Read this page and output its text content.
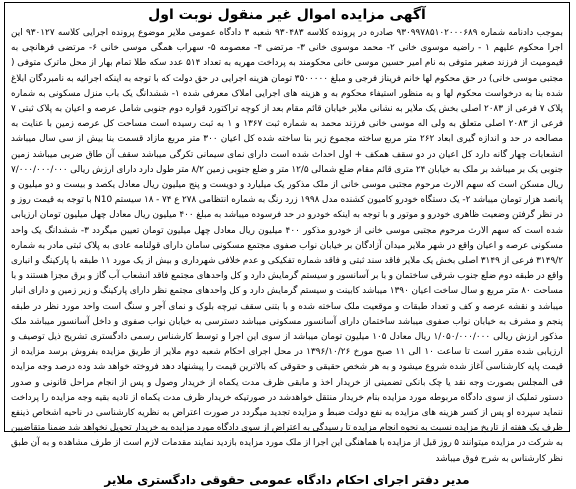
آگهی مزایده اموال غیر منقول نوبت اول

بموجب دادنامه شماره ۹۳۰۹۹۷۸۵۱۰۲۰۰۰۶۸۹ صادره در پرونده کلاسه ۹۳۰۴۸۳ شعبه ۳ دادگاه عمومی ملایر موضوع پرونده اجرایی کلاسه ۹۳۰۱۲۷ این اجرا محکوم علیهم ۱ - راضیه موسوی خانی ۲- محمد موسوی خانی ۳- مرتضی ۴- معصومه ۵- سهراب همگی موسی خانی ۶- مرتضی فرهانچی به قیمومیت از فرزند صغیر متوفی به نام امیر حسین موسی خانی محکومند به پرداخت مهریه به تعداد ۵۱۴ عدد سکه طلا تمام بهار از محل ماترک متوفی ( مجتبی موسی خانی) در حق محکوم لها خانم فریناز فرجی و مبلغ ۳۵۰۰۰۰۰ تومان هزینه اجرایی در حق دولت که با توجه به اینکه اجرائیه به نامبردگان ابلاغ شده بنا به درخواست محکوم لها و به منظور استیفاء محکوم به و هزینه های اجرایی املاک معرفی شده ۱- ششدانگ یک باب منزل مسکونی به شماره پلاک ۷ فرعی از ۲۰۸۳ اصلی بخش یک ملایر به نشانی ملایر خیابان قائم مقام بعد از کوچه تراکتورد قواره دوم جنوبی شامل عرصه و اعیان به پلاک ثبتی ۷ فرعی از ۲۰۸۳ اصلی متعلق به ولی اله موسی خانی فرزند محمد به شماره ثبت ۱۳۶۷ و ۱ به ثبت رسیده است مساحت کل عرصه زمین با عنایت به مصالحه در حد و اندازه گیری ابعاد ۲۶۲ متر مربع ساخته مجموع زیر بنا ساخته شده کل اعیان ۳۰۰ متر مربع مازاد قسمت بنا بیش از سی سال میباشد انشعابات چهار گانه دارد کل اعیان در دو سقف همکف + اول احداث شده است دارای نمای سیمانی تکرگی میباشد سقف آن طاق ضربی میباشد زمین جنوبی یک بر میباشد بر ملک به خیابان ۲۴ متری قائم مقام ضلع شمالی ۱۲/۵ متر و ضلع جنوبی زمین ۸/۲ متر طول دارد دارای ارزش ریالی ۷/۰۰۰/۰۰۰/۰۰۰ ریال مسکن است که سهم الارث مرحوم مجتبی موسی خانی از ملک مذکور یک میلیارد و دویست و پنج میلیون ریال معادل یکصد و بیست و دو میلیون و پانصد هزار تومان میباشد ۲- یک دستگاه خودرو کامیون کشنده مدل ۱۹۹۸ زرد رنگ به شماره انتظامی ۲۷۸ ع ۷۴ - ۱۸ سیستم N10 با توجه به قیمت روز و در نظر گرفتن وضعیت ظاهری خودرو و موتور و با توجه به اینکه خودرو در حد فرسوده میباشد به مبلغ ۴۰۰ میلیون ریال معادل چهل میلیون تومان ارزیابی شده است که سهم الارث مرحوم مجتبی موسی خانی از خودرو مذکور ۴۰۰ میلیون ریال معادل چهل میلیون تومان تعیین میگردد ۳- ششدانگ یک واحد مسکونی عرصه و اعیان واقع در شهر ملایر میدان آزادگان بر خیابان نواب صفوی مجتمع مسکونی سامان دارای قولنامه عادی به پلاک ثبتی مادر به شماره ۳۱۴۹/۲ فرعی از ۳۱۴۹ اصلی بخش یک ملایر فاقد سند ثبتی و فاقد شماره تفکیکی و عدم خلافی شهرداری و بیش از یک مورد ۱۱ طبقه با پارکینگ و انباری واقع در طبقه دوم ضلع جنوب شرقی ساختمان و با بر آسانسور و سیستم گرمایش دارد و کل واحدهای مجتمع فاقد انشعاب آب گاز و برق مجزا هستند و با مساحت ۸۰ متر مربع و سال ساخت اعیان ۱۳۹۰ میباشد کابینت و سیستم گرمایش دارد و کل واحدهای مجتمع نظر دارای پارکینگ و زیر زمین و دارای انبار میباشد و نقشه عرصه و کف و تعداد طبقات و موقعیت ملک ساخته شده و با بتنی سقف تیرچه بلوک و نمای آجر و سنگ است واحد مورد نظر در طبقه پنجم و مشرف به خیابان نواب صفوی میباشد ساختمان دارای آسانسور مسکونی میباشد دسترسی به خیابان نواب صفوی و داخل آسانسور میباشد ملک مذکور ارزش ریالی ۱/۰۵۰/۰۰۰/۰۰۰ ریال معادل ۱۰۵ میلیون تومان میباشد از سوی این اجرا و توسط کارشناس رسمی دادگستری تشریح ذیل توصیف و ارزیابی شده مقرر است تا ساعت ۱۰ الی ۱۱ صبح مورخ ۱۳۹۶/۱۰/۲۶ در محل اجرای احکام شعبه دوم ملایر از طریق مزایده بفروش برسد مزایده از قیمت پایه کارشناسی آغاز شده شروع میشود و به هر شخص حقیقی و حقوقی که بالاترین قیمت را پیشنهاد دهد فروخته خواهد شد وده درصد وجه مزایده فی المجلس بصورت وجه نقد یا چک بانکی تضمینی از خریدار اخذ و مابقی ظرف مدت یکماه از خریدار وصول و پس از انجام مراحل قانونی و صدور دستور تملیک از سوی دادگاه مربوطه مورد مزایده بنام خریدار منتقل خواهدشد در صورتیکه خریدار ظرف مدت یکماه از تادیه بقیه وجه مزایده را پرداخت ننماید سپرده او پس از کسر هزینه های مزایده به نفع دولت ضبط و مزایده تجدید میگردد در صورت اعتراض به نظریه کارشناسی در ناحیه اشخاص ذینفع ظرف یک هفته از تاریخ مزایده نسبت به نحوه انجام مزایده تا رسیدگی به اعتراض از سوی دادگاه مورد مزایده به خریدار تحویل نخواهد شد ضمنا متقاضیین به شرکت در مزایده میتوانند ۵ روز قبل از مزایده با هماهنگی این اجرا از ملک مورد مزایده بازدید نمایند مقدمات لازم است از طرف مشاهده و به آن طبق نظر کارشناس به شرح فوق میباشد

مدیر دفتر اجرای احکام دادگاه عمومی حقوقی دادگستری ملایر
